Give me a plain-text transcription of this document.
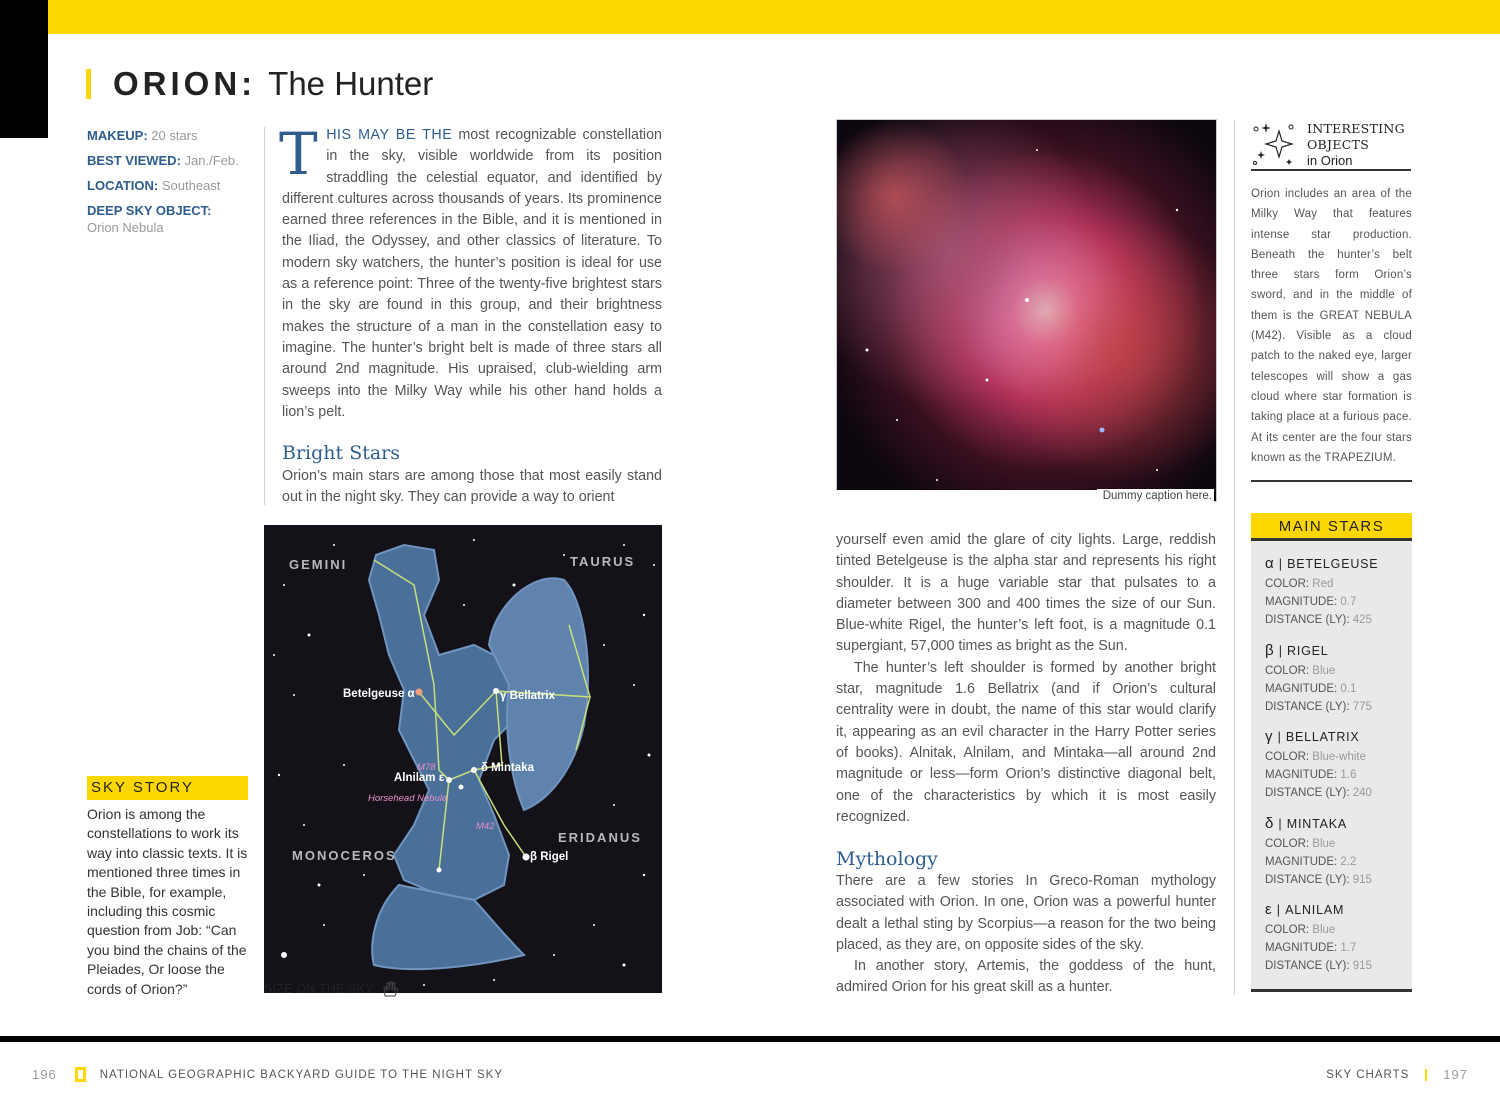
ORION: The Hunter
MAKEUP: 20 stars
BEST VIEWED: Jan./Feb.
LOCATION: Southeast
DEEP SKY OBJECT:
Orion Nebula

THIS MAY BE THE most recognizable constellation in the sky, visible worldwide from its position straddling the celestial equator, and identified by different cultures across thousands of years. Its prominence earned three references in the Bible, and it is mentioned in the Iliad, the Odyssey, and other classics of literature. To modern sky watchers, the hunter’s position is ideal for use as a reference point: Three of the twenty-five brightest stars in the sky are found in this group, and their brightness makes the structure of a man in the constellation easy to imagine. The hunter’s bright belt is made of three stars all around 2nd magnitude. His upraised, club-wielding arm sweeps into the Milky Way while his other hand holds a lion’s pelt.

Bright Stars
Orion’s main stars are among those that most easily stand out in the night sky. They can provide a way to orient
GEMINI	TAURUS
MONOCEROS
ERIDANUS
Betelgeuse α	γ Bellatrix
Alnilam ε
δ Mintaka
β Rigel
M78
Horsehead Nebula
M42
SIZE ON THE SKY:
SKY STORY
Orion is among the constellations to work its way into classic texts. It is mentioned three times in the Bible, for example, including this cosmic question from Job: “Can you bind the chains of the Pleiades, Or loose the cords of Orion?”
Dummy caption here.

yourself even amid the glare of city lights. Large, reddish tinted Betelgeuse is the alpha star and represents his right shoulder. It is a huge variable star that pulsates to a diameter between 300 and 400 times the size of our Sun. Blue-white Rigel, the hunter’s left foot, is a magnitude 0.1 supergiant, 57,000 times as bright as the Sun.

The hunter’s left shoulder is formed by another bright star, magnitude 1.6 Bellatrix (and if Orion’s cultural centrality were in doubt, the name of this star would clarify it, appearing as an evil character in the Harry Potter series of books). Alnitak, Alnilam, and Mintaka—all around 2nd magnitude or less—form Orion’s distinctive diagonal belt, one of the characteristics by which it is most easily recognized.

Mythology

There are a few stories In Greco-Roman mythology associated with Orion. In one, Orion was a powerful hunter dealt a lethal sting by Scorpius—a reason for the two being placed, as they are, on opposite sides of the sky.

In another story, Artemis, the goddess of the hunt, admired Orion for his great skill as a hunter.

INTERESTING
OBJECTS
in Orion
Orion includes an area of the Milky Way that features intense star production. Beneath the hunter’s belt three stars form Orion’s sword, and in the middle of them is the GREAT NEBULA (M42). Visible as a cloud patch to the naked eye, larger telescopes will show a gas cloud where star formation is taking place at a furious pace. At its center are the four stars known as the TRAPEZIUM.
MAIN STARS
α | BETELGEUSE
COLOR: Red
MAGNITUDE: 0.7
DISTANCE (LY): 425
β | RIGEL
COLOR: Blue
MAGNITUDE: 0.1
DISTANCE (LY): 775
γ | BELLATRIX
COLOR: Blue-white
MAGNITUDE: 1.6
DISTANCE (LY): 240
δ | MINTAKA
COLOR: Blue
MAGNITUDE: 2.2
DISTANCE (LY): 915
ε | ALNILAM
COLOR: Blue
MAGNITUDE: 1.7
DISTANCE (LY): 915
196	NATIONAL GEOGRAPHIC BACKYARD GUIDE TO THE NIGHT SKY	SKY CHARTS	197
